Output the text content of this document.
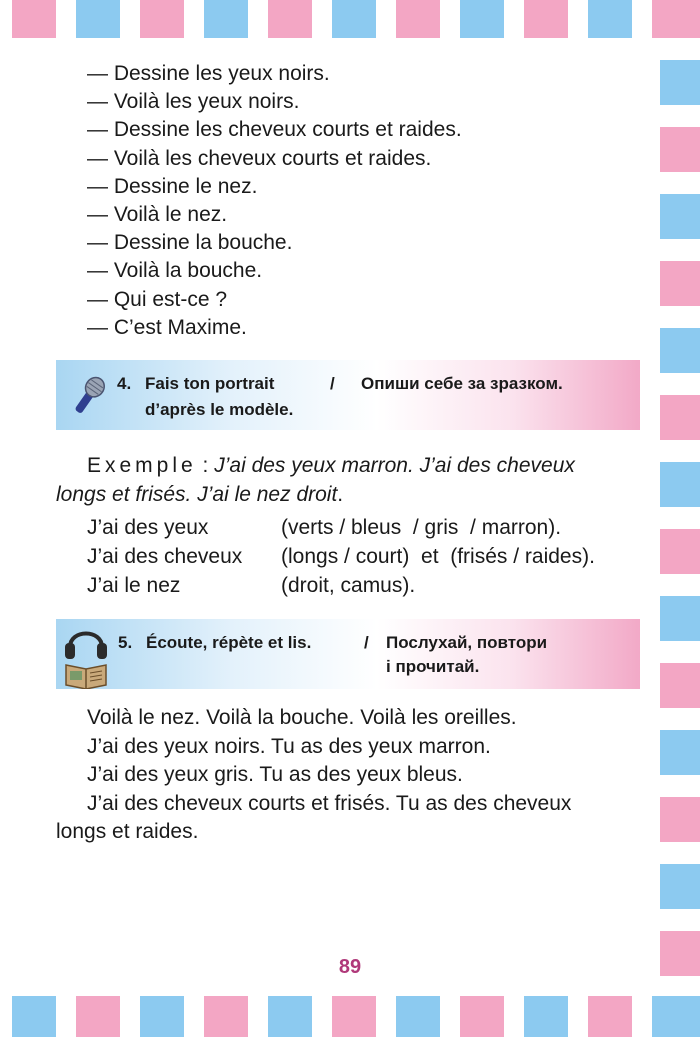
— Dessine les yeux noirs.
— Voilà les yeux noirs.
— Dessine les cheveux courts et raides.
— Voilà les cheveux courts et raides.
— Dessine le nez.
— Voilà le nez.
— Dessine la bouche.
— Voilà la bouche.
— Qui est-ce ?
— C’est Maxime.
4. Fais ton portrait	/ Опиши себе за зразком.
d’après le modèle.
Exemple : J’ai des yeux marron. J’ai des cheveux
longs et frisés. J’ai le nez droit.
J’ai des yeux	(verts / bleus  / gris  / marron).
J’ai des cheveux (longs / court)  et  (frisés / raides).
J’ai le nez	(droit, camus).
5. Écoute, répète et lis.	/ Послухай, повтори
і прочитай.
Voilà le nez. Voilà la bouche. Voilà les oreilles.
J’ai des yeux noirs. Tu as des yeux marron.
J’ai des yeux gris. Tu as des yeux bleus.
J’ai des cheveux courts et frisés. Tu as des cheveux
longs et raides.
89
